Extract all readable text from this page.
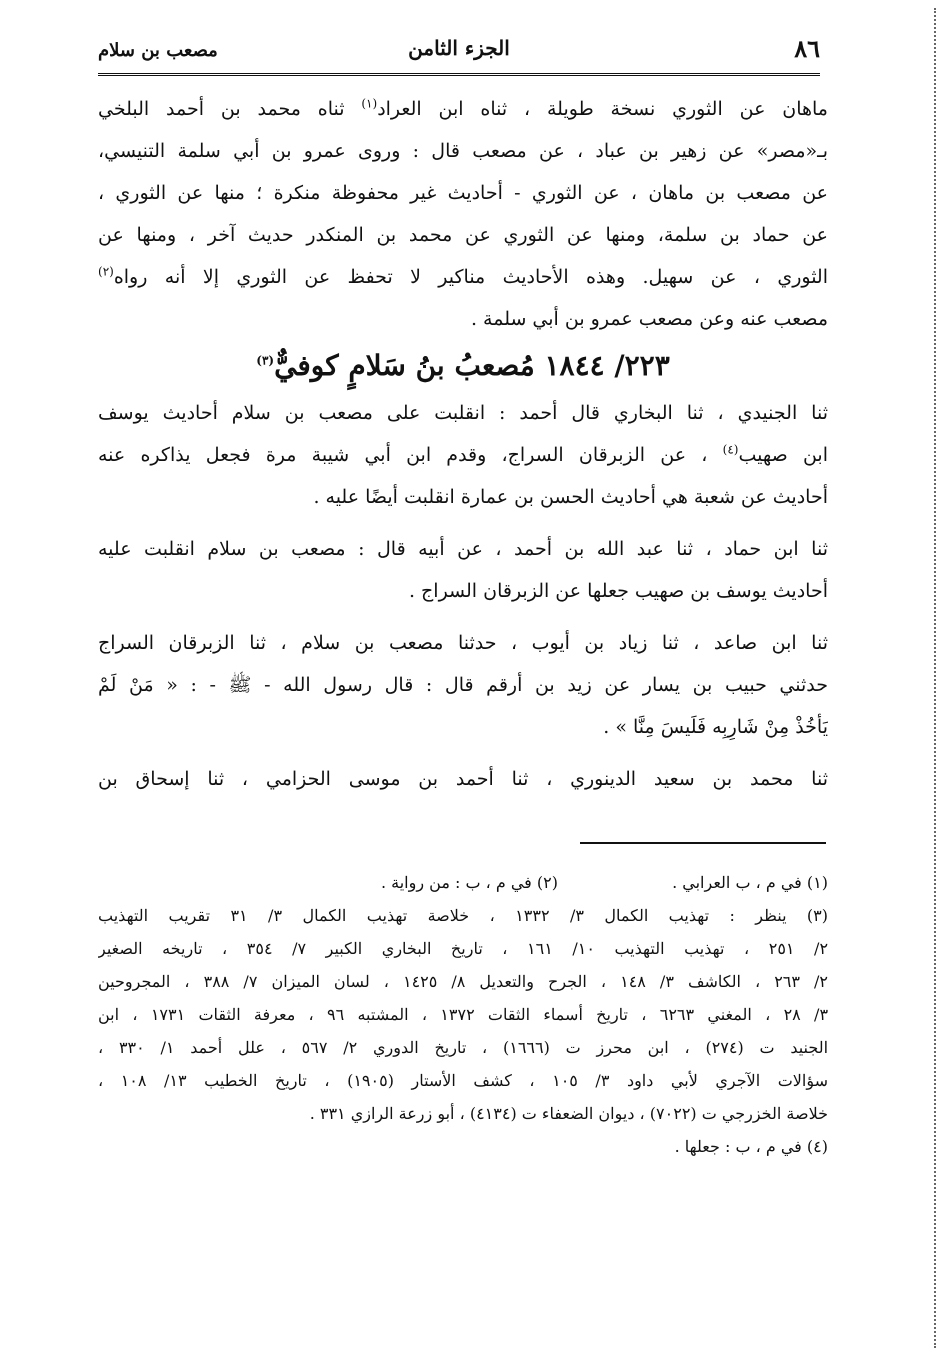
٨٦
الجزء الثامن
مصعب بن سلام
ماهان عن الثوري نسخة طويلة ، ثناه ابن العراد$^{(١)}$ ثناه محمد بن أحمد البلخي
بـ«مصر» عن زهير بن عباد ، عن مصعب قال : وروى عمرو بن أبي سلمة التنيسي،
عن مصعب بن ماهان ، عن الثوري - أحاديث غير محفوظة منكرة ؛ منها عن الثوري ،
عن حماد بن سلمة، ومنها عن الثوري عن محمد بن المنكدر حديث آخر ، ومنها عن
الثوري ، عن سهيل. وهذه الأحاديث مناكير لا تحفظ عن الثوري إلا أنه رواه$^{(٢)}$
مصعب عنه وعن مصعب عمرو بن أبي سلمة .
٢٢٣/ ١٨٤٤ مُصعبُ بنُ سَلامٍ كوفيٌّ$^{(٣)}$
ثنا الجنيدي ، ثنا البخاري قال أحمد : انقلبت على مصعب بن سلام أحاديث يوسف
ابن صهيب$^{(٤)}$ ، عن الزبرقان السراج، وقدم ابن أبي شيبة مرة فجعل يذاكره عنه
أحاديث عن شعبة هي أحاديث الحسن بن عمارة انقلبت أيضًا عليه .
ثنا ابن حماد ، ثنا عبد الله بن أحمد ، عن أبيه قال : مصعب بن سلام انقلبت عليه
أحاديث يوسف بن صهيب جعلها عن الزبرقان السراج .
ثنا ابن صاعد ، ثنا زياد بن أيوب ، حدثنا مصعب بن سلام ، ثنا الزبرقان السراج
حدثني حبيب بن يسار عن زيد بن أرقم قال : قال رسول الله - ﷺ - : « مَنْ لَمْ
يَأخُذْ مِنْ شَارِبِه فَلَيسَ مِنَّا » .
ثنا محمد بن سعيد الدينوري ، ثنا أحمد بن موسى الحزامي ، ثنا إسحاق بن
(١) في م ، ب العرابي .
(٢) في م ، ب : من رواية .
(٣) ينظر : تهذيب الكمال ٣/ ١٣٣٢ ، خلاصة تهذيب الكمال ٣/ ٣١ تقريب التهذيب
٢/ ٢٥١ ، تهذيب التهذيب ١٠/ ١٦١ ، تاريخ البخاري الكبير ٧/ ٣٥٤ ، تاريخه الصغير
٢/ ٢٦٣ ، الكاشف ٣/ ١٤٨ ، الجرح والتعديل ٨/ ١٤٢٥ ، لسان الميزان ٧/ ٣٨٨ ، المجروحين
٣/ ٢٨ ، المغني ٦٢٦٣ ، تاريخ أسماء الثقات ١٣٧٢ ، المشتبه ٩٦ ، معرفة الثقات ١٧٣١ ، ابن
الجنيد ت (٢٧٤) ، ابن محرز ت (١٦٦٦) ، تاريخ الدوري ٢/ ٥٦٧ ، علل أحمد ١/ ٣٣٠ ،
سؤالات الآجري لأبي داود ٣/ ١٠٥ ، كشف الأستار (١٩٠٥) ، تاريخ الخطيب ١٣/ ١٠٨ ،
خلاصة الخزرجي ت (٧٠٢٢) ، ديوان الضعفاء ت (٤١٣٤) ، أبو زرعة الرازي ٣٣١ .
(٤) في م ، ب : جعلها .
